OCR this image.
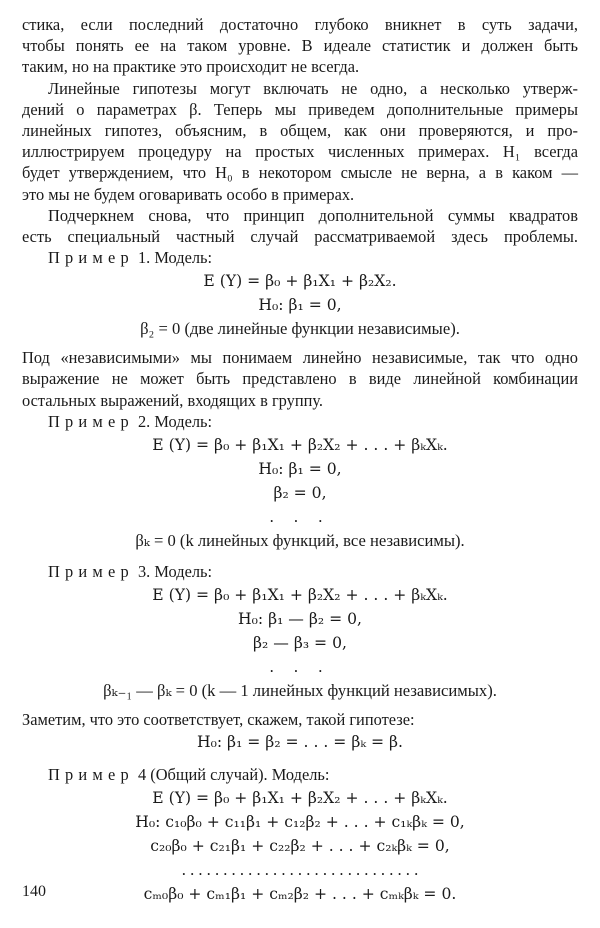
стика, если последний достаточно глубоко вникнет в суть задачи,
чтобы понять ее на таком уровне. В идеале статистик и должен быть
таким, но на практике это происходит не всегда.
Линейные гипотезы могут включать не одно, а несколько утверж-
дений о параметрах β. Теперь мы приведем дополнительные примеры
линейных гипотез, объясним, в общем, как они проверяются, и про-
иллюстрируем процедуру на простых численных примерах. H₁ всегда
будет утверждением, что H₀ в некотором смысле не верна, а в каком —
это мы не будем оговаривать особо в примерах.
Подчеркнем снова, что принцип дополнительной суммы квадратов
есть специальный частный случай рассматриваемой здесь проблемы.
Пример 1. Модель:
E (Y) = β₀ + β₁X₁ + β₂X₂.
H₀: β₁ = 0,
β₂ = 0 (две линейные функции независимые).
Под «независимыми» мы понимаем линейно независимые, так что одно
выражение не может быть представлено в виде линейной комбинации
остальных выражений, входящих в группу.
Пример 2. Модель:
E (Y) = β₀ + β₁X₁ + β₂X₂ + . . . + βₖXₖ.
H₀: β₁ = 0,
β₂ = 0,
. . .
βₖ = 0 (k линейных функций, все независимы).
Пример 3. Модель:
E (Y) = β₀ + β₁X₁ + β₂X₂ + . . . + βₖXₖ.
H₀: β₁ — β₂ = 0,
β₂ — β₃ = 0,
. . .
βₖ₋₁ — βₖ = 0 (k — 1 линейных функций независимых).
Заметим, что это соответствует, скажем, такой гипотезе:
H₀: β₁ = β₂ = . . . = βₖ = β.
Пример 4 (Общий случай). Модель:
E (Y) = β₀ + β₁X₁ + β₂X₂ + . . . + βₖXₖ.
H₀: c₁₀β₀ + c₁₁β₁ + c₁₂β₂ + . . . + c₁ₖβₖ = 0,
c₂₀β₀ + c₂₁β₁ + c₂₂β₂ + . . . + c₂ₖβₖ = 0,
. . . . . . . . . . . . . . . . . . . . . . . . . . . . .
cₘ₀β₀ + cₘ₁β₁ + cₘ₂β₂ + . . . + cₘₖβₖ = 0.
140
